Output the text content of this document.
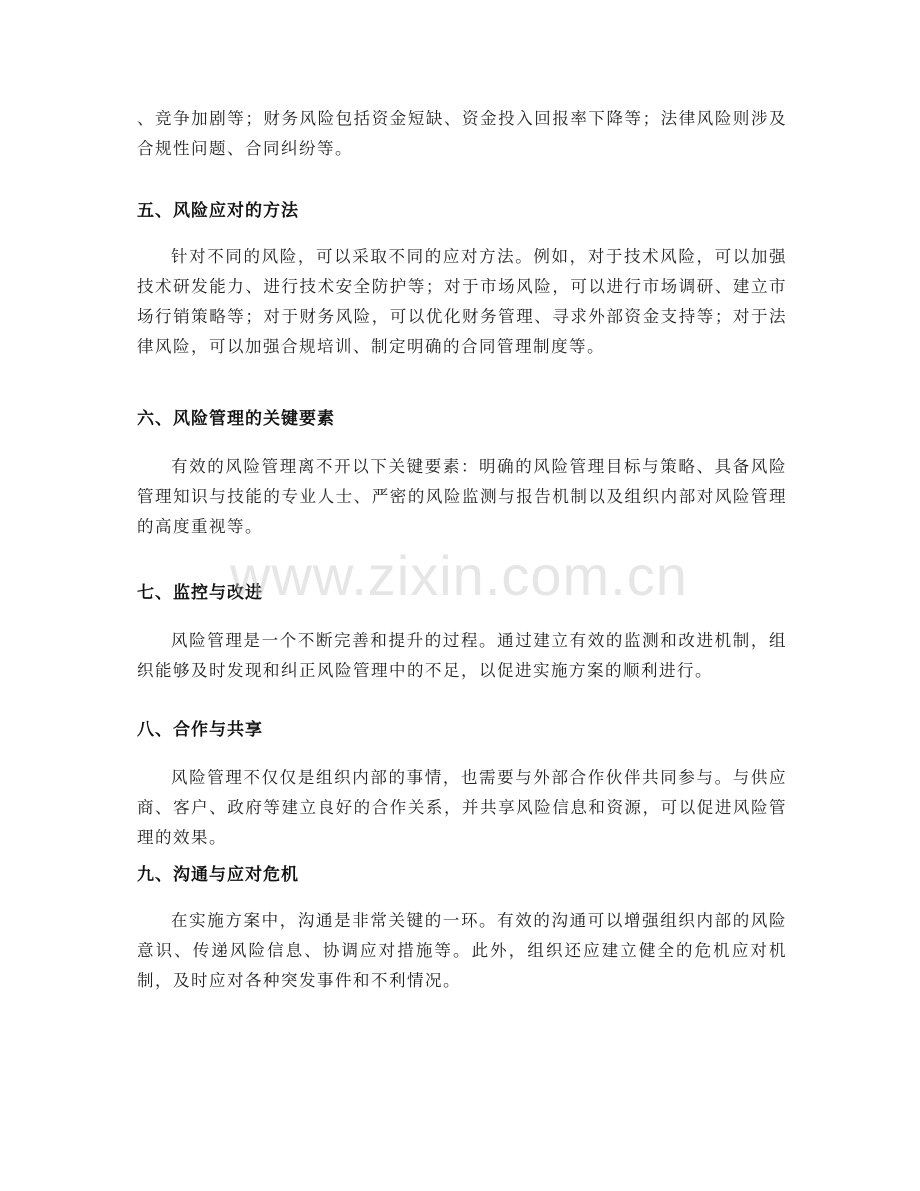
、竞争加剧等；财务风险包括资金短缺、资金投入回报率下降等；法律风险则涉及合规性问题、合同纠纷等。

五、风险应对的方法

针对不同的风险，可以采取不同的应对方法。例如，对于技术风险，可以加强技术研发能力、进行技术安全防护等；对于市场风险，可以进行市场调研、建立市场行销策略等；对于财务风险，可以优化财务管理、寻求外部资金支持等；对于法律风险，可以加强合规培训、制定明确的合同管理制度等。

六、风险管理的关键要素

有效的风险管理离不开以下关键要素：明确的风险管理目标与策略、具备风险管理知识与技能的专业人士、严密的风险监测与报告机制以及组织内部对风险管理的高度重视等。

七、监控与改进

风险管理是一个不断完善和提升的过程。通过建立有效的监测和改进机制，组织能够及时发现和纠正风险管理中的不足，以促进实施方案的顺利进行。

八、合作与共享

风险管理不仅仅是组织内部的事情，也需要与外部合作伙伴共同参与。与供应商、客户、政府等建立良好的合作关系，并共享风险信息和资源，可以促进风险管理的效果。

九、沟通与应对危机

在实施方案中，沟通是非常关键的一环。有效的沟通可以增强组织内部的风险意识、传递风险信息、协调应对措施等。此外，组织还应建立健全的危机应对机制，及时应对各种突发事件和不利情况。

www.zixin.com.cn
